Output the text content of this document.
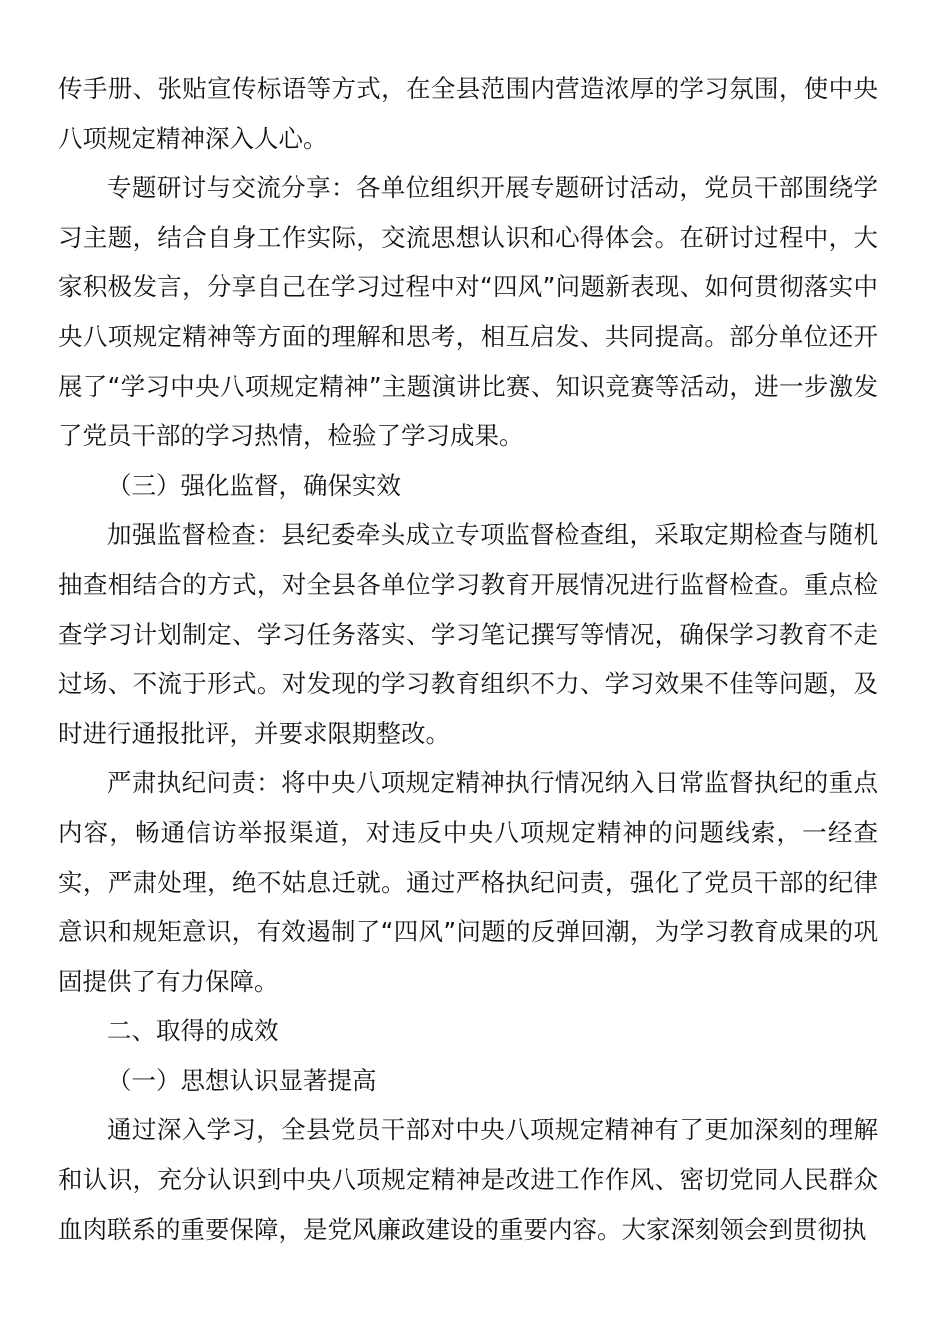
传手册、张贴宣传标语等方式，在全县范围内营造浓厚的学习氛围，使中央八项规定精神深入人心。

专题研讨与交流分享：各单位组织开展专题研讨活动，党员干部围绕学习主题，结合自身工作实际，交流思想认识和心得体会。在研讨过程中，大家积极发言，分享自己在学习过程中对“四风”问题新表现、如何贯彻落实中央八项规定精神等方面的理解和思考，相互启发、共同提高。部分单位还开展了“学习中央八项规定精神”主题演讲比赛、知识竞赛等活动，进一步激发了党员干部的学习热情，检验了学习成果。

（三）强化监督，确保实效

加强监督检查：县纪委牵头成立专项监督检查组，采取定期检查与随机抽查相结合的方式，对全县各单位学习教育开展情况进行监督检查。重点检查学习计划制定、学习任务落实、学习笔记撰写等情况，确保学习教育不走过场、不流于形式。对发现的学习教育组织不力、学习效果不佳等问题，及时进行通报批评，并要求限期整改。

严肃执纪问责：将中央八项规定精神执行情况纳入日常监督执纪的重点内容，畅通信访举报渠道，对违反中央八项规定精神的问题线索，一经查实，严肃处理，绝不姑息迁就。通过严格执纪问责，强化了党员干部的纪律意识和规矩意识，有效遏制了“四风”问题的反弹回潮，为学习教育成果的巩固提供了有力保障。

二、取得的成效

（一）思想认识显著提高

通过深入学习，全县党员干部对中央八项规定精神有了更加深刻的理解和认识，充分认识到中央八项规定精神是改进工作作风、密切党同人民群众血肉联系的重要保障，是党风廉政建设的重要内容。大家深刻领会到贯彻执
